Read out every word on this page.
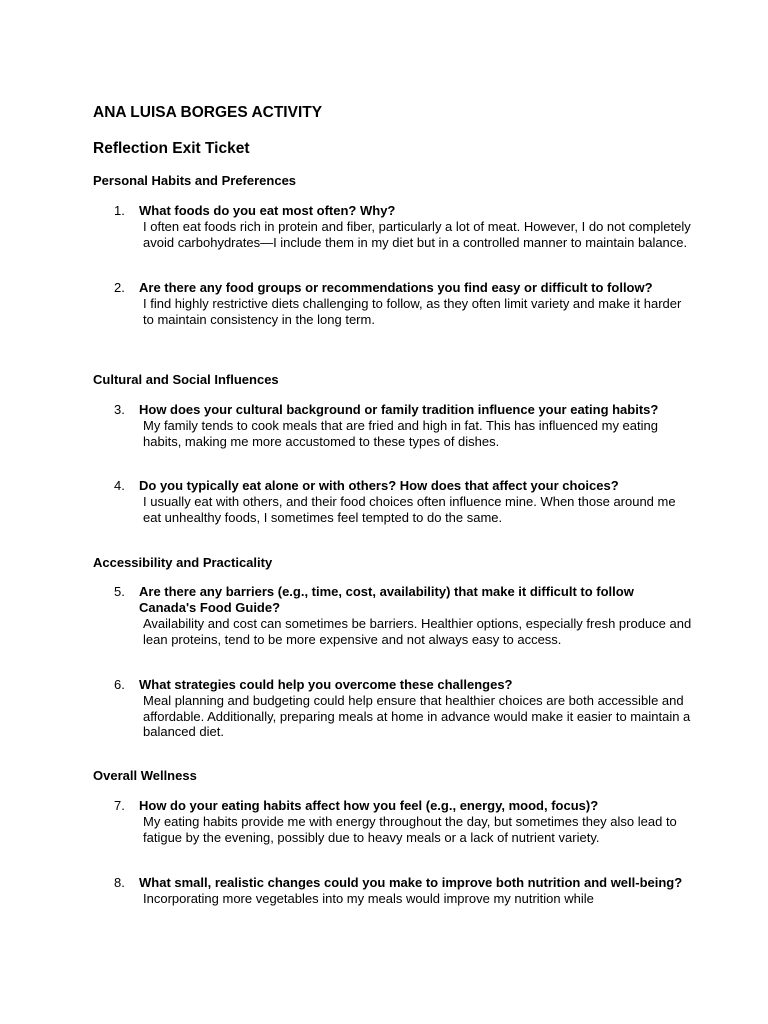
ANA LUISA BORGES ACTIVITY
Reflection Exit Ticket
Personal Habits and Preferences
1. What foods do you eat most often? Why?

I often eat foods rich in protein and fiber, particularly a lot of meat. However, I do not completely avoid carbohydrates—I include them in my diet but in a controlled manner to maintain balance.

2. Are there any food groups or recommendations you find easy or difficult to follow?

I find highly restrictive diets challenging to follow, as they often limit variety and make it harder to maintain consistency in the long term.

Cultural and Social Influences
3. How does your cultural background or family tradition influence your eating habits?

My family tends to cook meals that are fried and high in fat. This has influenced my eating habits, making me more accustomed to these types of dishes.

4. Do you typically eat alone or with others? How does that affect your choices?

I usually eat with others, and their food choices often influence mine. When those around me eat unhealthy foods, I sometimes feel tempted to do the same.

Accessibility and Practicality
5. Are there any barriers (e.g., time, cost, availability) that make it difficult to follow Canada's Food Guide?

Availability and cost can sometimes be barriers. Healthier options, especially fresh produce and lean proteins, tend to be more expensive and not always easy to access.

6. What strategies could help you overcome these challenges?

Meal planning and budgeting could help ensure that healthier choices are both accessible and affordable. Additionally, preparing meals at home in advance would make it easier to maintain a balanced diet.

Overall Wellness
7. How do your eating habits affect how you feel (e.g., energy, mood, focus)?

My eating habits provide me with energy throughout the day, but sometimes they also lead to fatigue by the evening, possibly due to heavy meals or a lack of nutrient variety.

8. What small, realistic changes could you make to improve both nutrition and well-being?

Incorporating more vegetables into my meals would improve my nutrition while
